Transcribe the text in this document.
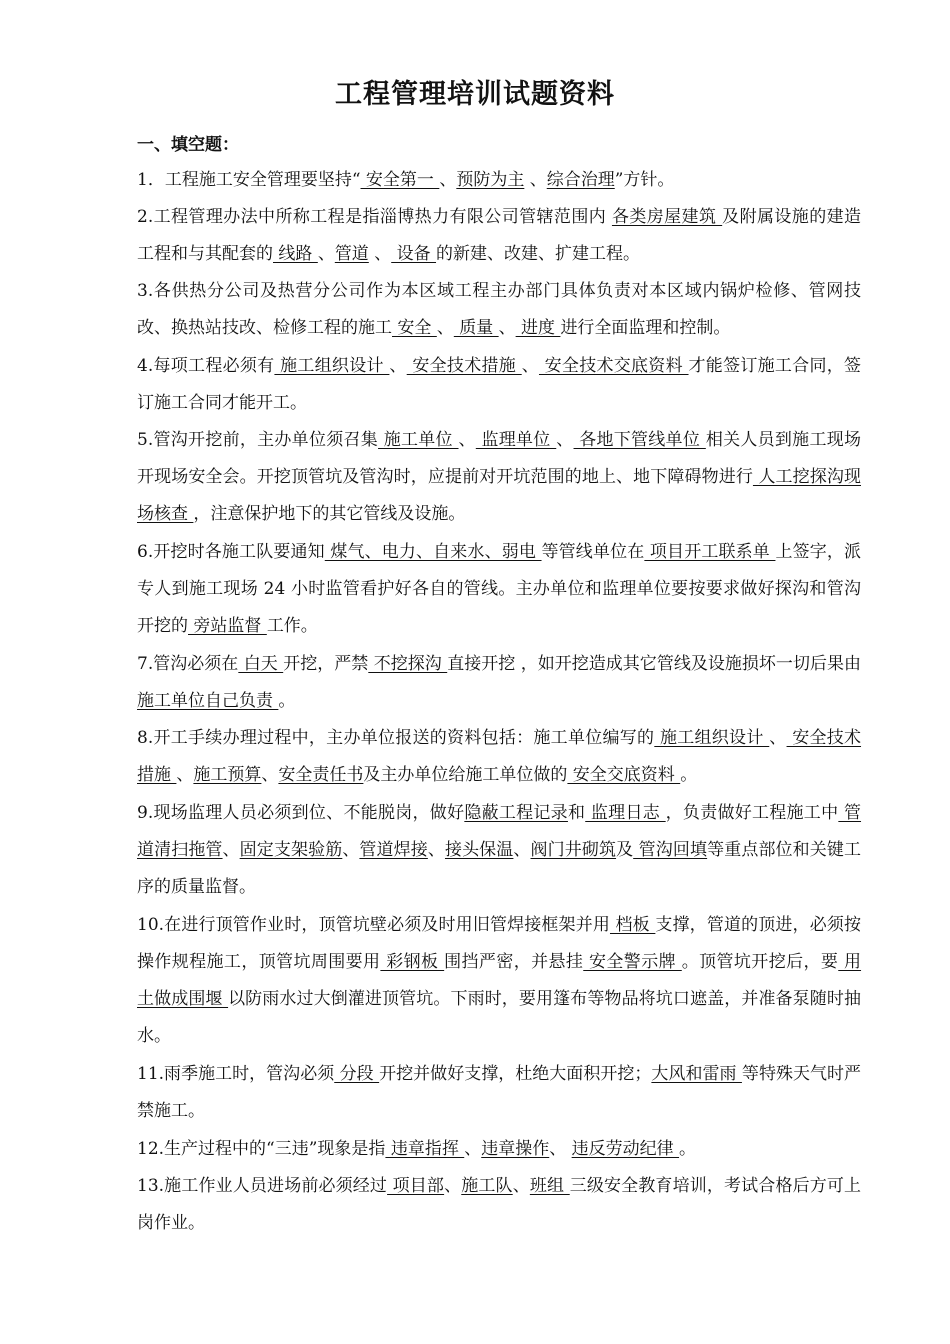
工程管理培训试题资料
一、填空题：

1．工程施工安全管理要坚持“ 安全第一 、预防为主 、综合治理”方针。

2.工程管理办法中所称工程是指淄博热力有限公司管辖范围内 各类房屋建筑 及附属设施的建造工程和与其配套的 线路 、管道 、 设备 的新建、改建、扩建工程。

3.各供热分公司及热营分公司作为本区域工程主办部门具体负责对本区域内锅炉检修、管网技改、换热站技改、检修工程的施工 安全 、 质量 、 进度 进行全面监理和控制。

4.每项工程必须有 施工组织设计 、 安全技术措施 、 安全技术交底资料 才能签订施工合同，签订施工合同才能开工。

5.管沟开挖前，主办单位须召集 施工单位 、 监理单位 、 各地下管线单位 相关人员到施工现场开现场安全会。开挖顶管坑及管沟时，应提前对开坑范围的地上、地下障碍物进行 人工挖探沟现场核查 ，注意保护地下的其它管线及设施。

6.开挖时各施工队要通知 煤气、电力、自来水、弱电 等管线单位在 项目开工联系单 上签字，派专人到施工现场 24 小时监管看护好各自的管线。主办单位和监理单位要按要求做好探沟和管沟开挖的 旁站监督 工作。

7.管沟必须在 白天 开挖，严禁 不挖探沟 直接开挖 ，如开挖造成其它管线及设施损坏一切后果由 施工单位自己负责 。

8.开工手续办理过程中，主办单位报送的资料包括：施工单位编写的 施工组织设计 、 安全技术措施 、施工预算、安全责任书及主办单位给施工单位做的 安全交底资料 。

9.现场监理人员必须到位、不能脱岗，做好隐蔽工程记录和 监理日志 ，负责做好工程施工中 管道清扫拖管、固定支架验筋、管道焊接、接头保温、阀门井砌筑及 管沟回填等重点部位和关键工序的质量监督。

10.在进行顶管作业时，顶管坑壁必须及时用旧管焊接框架并用 档板 支撑，管道的顶进，必须按操作规程施工，顶管坑周围要用 彩钢板 围挡严密，并悬挂 安全警示牌 。顶管坑开挖后，要 用土做成围堰 以防雨水过大倒灌进顶管坑。下雨时，要用篷布等物品将坑口遮盖，并准备泵随时抽水。

11.雨季施工时，管沟必须 分段 开挖并做好支撑，杜绝大面积开挖；大风和雷雨 等特殊天气时严禁施工。

12.生产过程中的“三违”现象是指 违章指挥 、违章操作、 违反劳动纪律 。

13.施工作业人员进场前必须经过 项目部、施工队、班组 三级安全教育培训，考试合格后方可上岗作业。
